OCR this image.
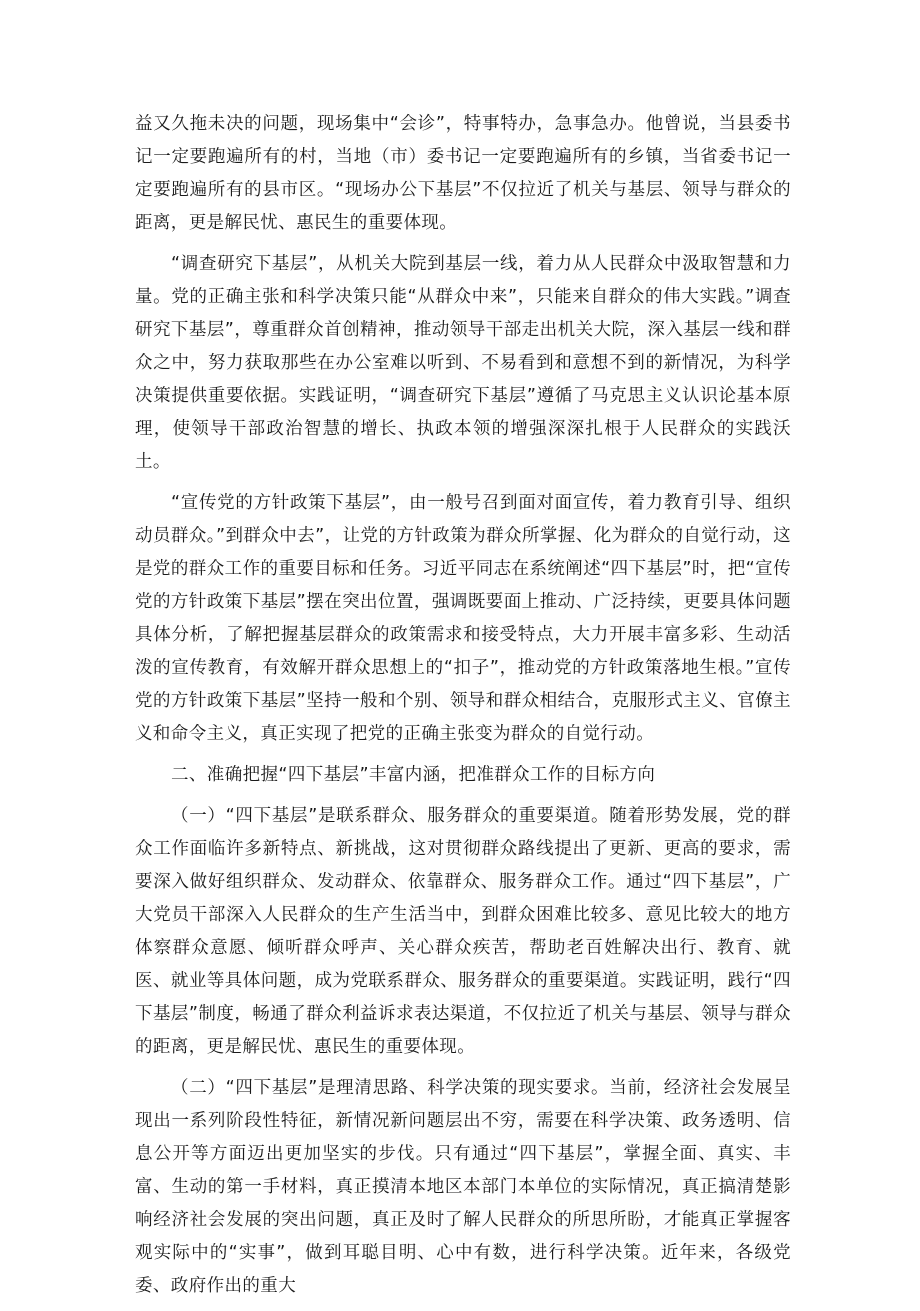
益又久拖未决的问题，现场集中“会诊”，特事特办，急事急办。他曾说，当县委书记一定要跑遍所有的村，当地（市）委书记一定要跑遍所有的乡镇，当省委书记一定要跑遍所有的县市区。“现场办公下基层”不仅拉近了机关与基层、领导与群众的距离，更是解民忧、惠民生的重要体现。

“调查研究下基层”，从机关大院到基层一线，着力从人民群众中汲取智慧和力量。党的正确主张和科学决策只能“从群众中来”，只能来自群众的伟大实践。”调查研究下基层”，尊重群众首创精神，推动领导干部走出机关大院，深入基层一线和群众之中，努力获取那些在办公室难以听到、不易看到和意想不到的新情况，为科学决策提供重要依据。实践证明，“调查研究下基层”遵循了马克思主义认识论基本原理，使领导干部政治智慧的增长、执政本领的增强深深扎根于人民群众的实践沃土。

“宣传党的方针政策下基层”，由一般号召到面对面宣传，着力教育引导、组织动员群众。”到群众中去”，让党的方针政策为群众所掌握、化为群众的自觉行动，这是党的群众工作的重要目标和任务。习近平同志在系统阐述“四下基层”时，把“宣传党的方针政策下基层”摆在突出位置，强调既要面上推动、广泛持续，更要具体问题具体分析，了解把握基层群众的政策需求和接受特点，大力开展丰富多彩、生动活泼的宣传教育，有效解开群众思想上的“扣子”，推动党的方针政策落地生根。”宣传党的方针政策下基层”坚持一般和个别、领导和群众相结合，克服形式主义、官僚主义和命令主义，真正实现了把党的正确主张变为群众的自觉行动。

二、准确把握“四下基层”丰富内涵，把准群众工作的目标方向

（一）“四下基层”是联系群众、服务群众的重要渠道。随着形势发展，党的群众工作面临许多新特点、新挑战，这对贯彻群众路线提出了更新、更高的要求，需要深入做好组织群众、发动群众、依靠群众、服务群众工作。通过“四下基层”，广大党员干部深入人民群众的生产生活当中，到群众困难比较多、意见比较大的地方体察群众意愿、倾听群众呼声、关心群众疾苦，帮助老百姓解决出行、教育、就医、就业等具体问题，成为党联系群众、服务群众的重要渠道。实践证明，践行“四下基层”制度，畅通了群众利益诉求表达渠道，不仅拉近了机关与基层、领导与群众的距离，更是解民忧、惠民生的重要体现。

（二）“四下基层”是理清思路、科学决策的现实要求。当前，经济社会发展呈现出一系列阶段性特征，新情况新问题层出不穷，需要在科学决策、政务透明、信息公开等方面迈出更加坚实的步伐。只有通过“四下基层”，掌握全面、真实、丰富、生动的第一手材料，真正摸清本地区本部门本单位的实际情况，真正搞清楚影响经济社会发展的突出问题，真正及时了解人民群众的所思所盼，才能真正掌握客观实际中的“实事”，做到耳聪目明、心中有数，进行科学决策。近年来，各级党委、政府作出的重大
